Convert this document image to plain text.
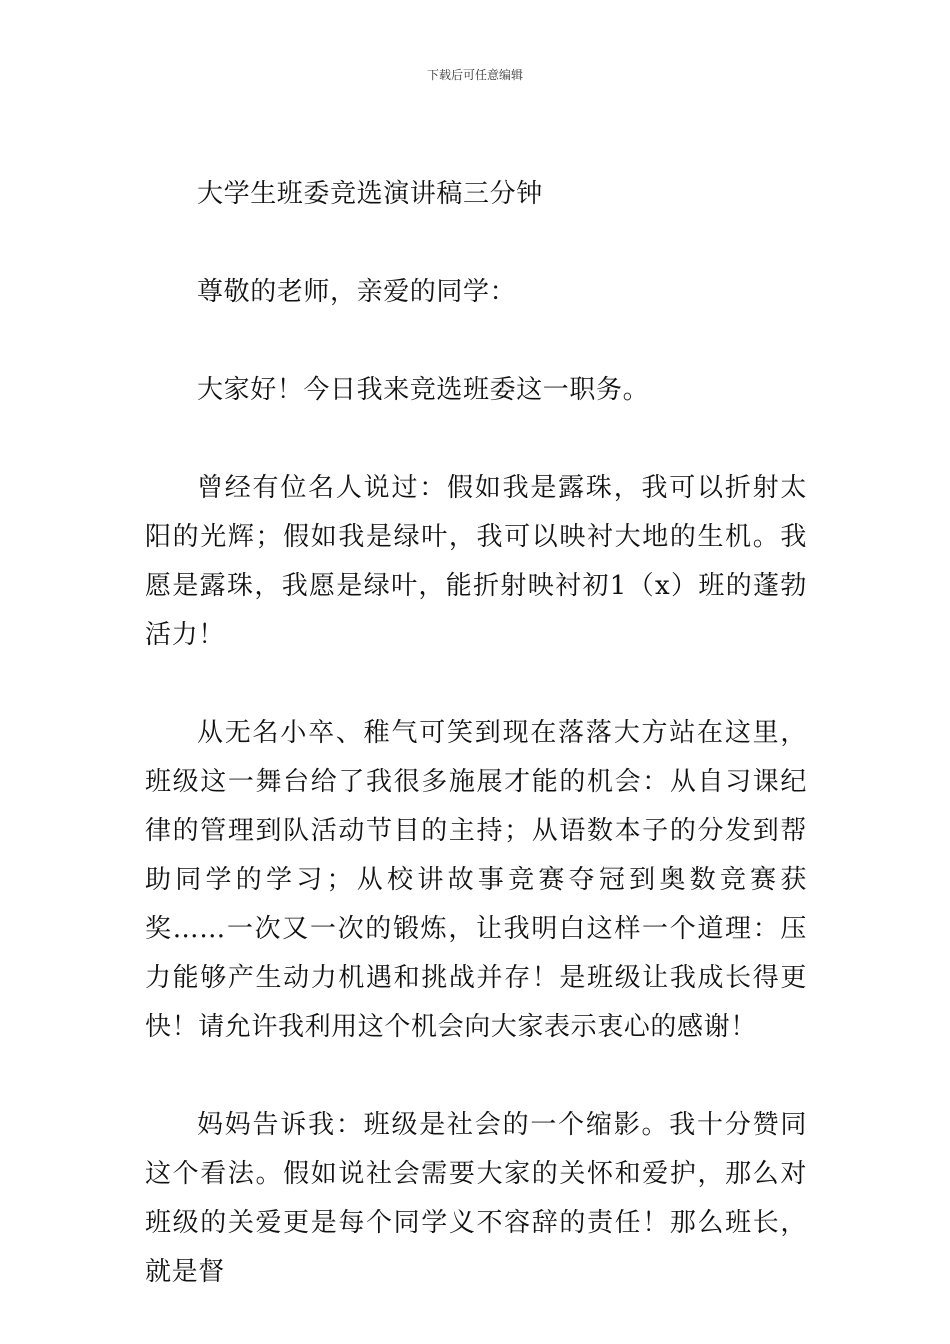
下载后可任意编辑

大学生班委竞选演讲稿三分钟

尊敬的老师，亲爱的同学：

大家好！今日我来竞选班委这一职务。

曾经有位名人说过：假如我是露珠，我可以折射太阳的光辉；假如我是绿叶，我可以映衬大地的生机。我愿是露珠，我愿是绿叶，能折射映衬初1（x）班的蓬勃活力！

从无名小卒、稚气可笑到现在落落大方站在这里，班级这一舞台给了我很多施展才能的机会：从自习课纪律的管理到队活动节目的主持；从语数本子的分发到帮助同学的学习；从校讲故事竞赛夺冠到奥数竞赛获奖……一次又一次的锻炼，让我明白这样一个道理：压力能够产生动力机遇和挑战并存！是班级让我成长得更快！请允许我利用这个机会向大家表示衷心的感谢！

妈妈告诉我：班级是社会的一个缩影。我十分赞同这个看法。假如说社会需要大家的关怀和爱护，那么对班级的关爱更是每个同学义不容辞的责任！那么班长，就是督
